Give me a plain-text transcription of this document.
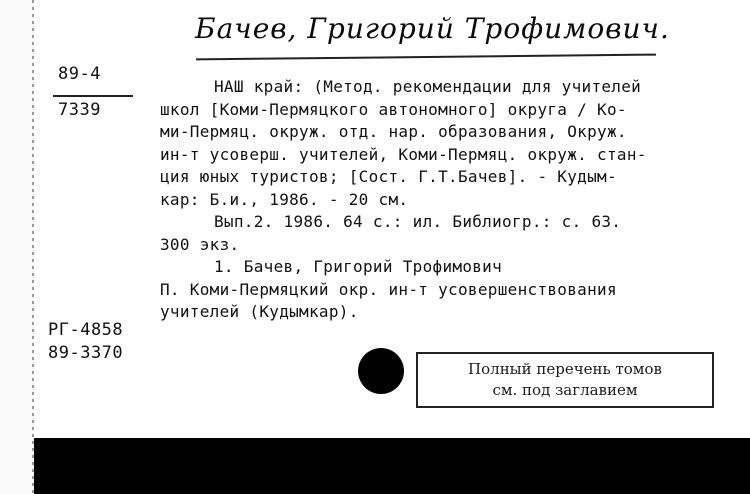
Бачев, Григорий Трофимович.
89-4
7339
РГ-4858
89-3370
НАШ край: (Метод. рекомендации для учителей
школ [Коми-Пермяцкого автономного] округа / Ко-
ми-Пермяц. окруж. отд. нар. образования, Окруж.
ин-т усоверш. учителей, Коми-Пермяц. окруж. стан-
ция юных туристов; [Сост. Г.Т.Бачев]. - Кудым-
кар: Б.и., 1986. - 20 см.
Вып.2. 1986. 64 с.: ил. Библиогр.: с. 63.
300 экз.
1. Бачев, Григорий Трофимович
П. Коми-Пермяцкий окр. ин-т усовершенствования
учителей (Кудымкар).
Полный перечень томов
см. под заглавием
